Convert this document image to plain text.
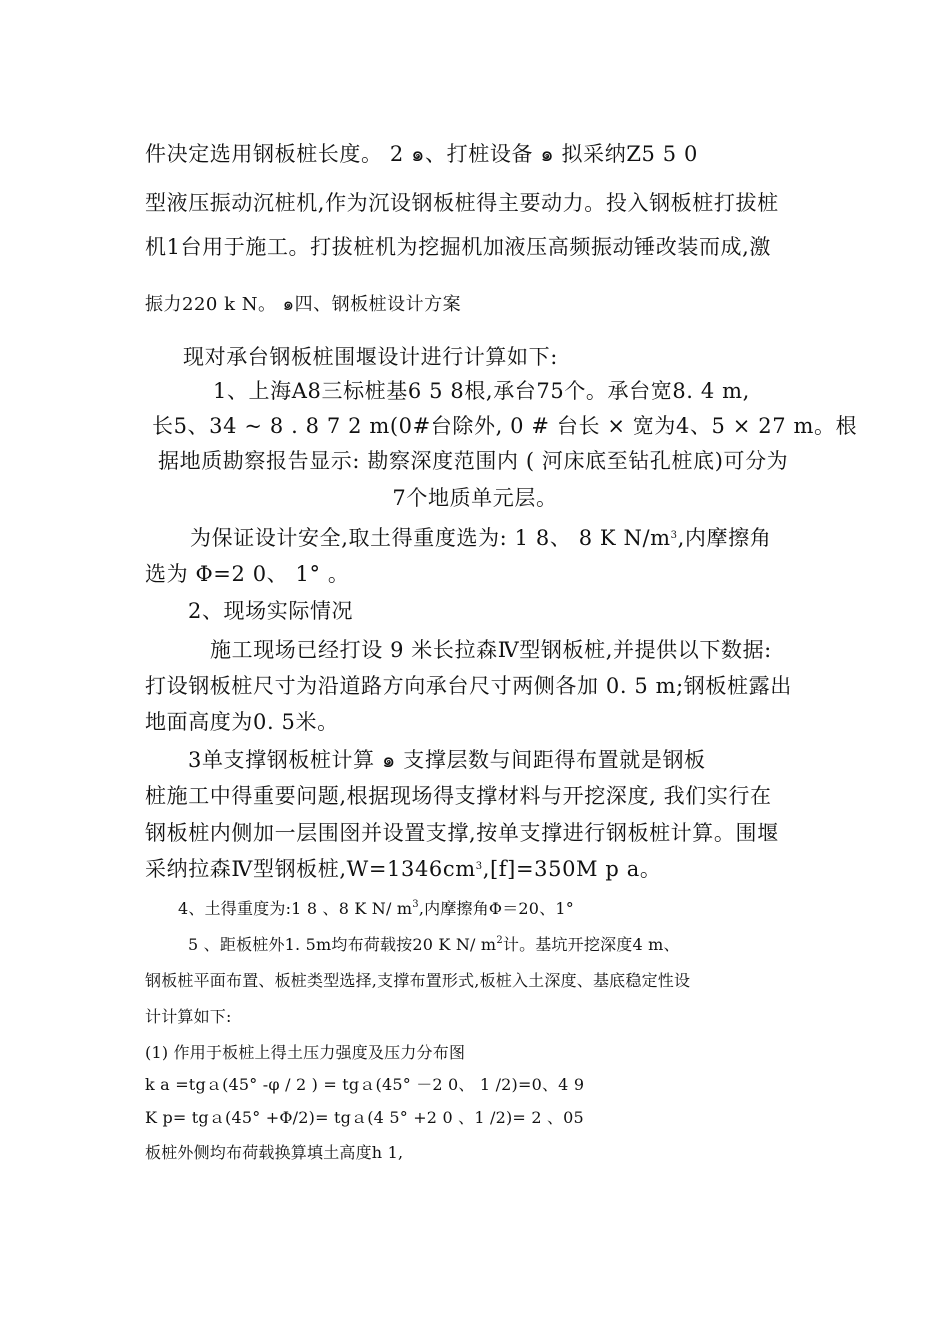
件决定选用钢板桩长度。 2 ๑、打桩设备 ๑ 拟采纳Z5 5 0
型液压振动沉桩机,作为沉设钢板桩得主要动力。投入钢板桩打拔桩
机1台用于施工。打拔桩机为挖掘机加液压高频振动锤改装而成,激
振力220 k N。 ๑四、钢板桩设计方案
现对承台钢板桩围堰设计进行计算如下:
1、上海A8三标桩基6 5 8根,承台75个。承台宽8. 4 m,
长5、34 ~ 8 . 8 7 2 m(0#台除外, 0 # 台长 × 宽为4、5 × 27 m。根
据地质勘察报告显示: 勘察深度范围内 ( 河床底至钻孔桩底)可分为
7个地质单元层。
为保证设计安全,取土得重度选为: 1 8、 8 K $N/m^3$,内摩擦角
选为 Φ=2 0、 1° 。
2、现场实际情况
施工现场已经打设 9 米长拉森Ⅳ型钢板桩,并提供以下数据:
打设钢板桩尺寸为沿道路方向承台尺寸两侧各加 0. 5 m;钢板桩露出
地面高度为0. 5米。
3单支撑钢板桩计算 ๑ 支撑层数与间距得布置就是钢板
桩施工中得重要问题,根据现场得支撑材料与开挖深度, 我们实行在
钢板桩内侧加一层围囹并设置支撑,按单支撑进行钢板桩计算。围堰
采纳拉森Ⅳ型钢板桩$,W=1346cm^3,[f]=350M$ p a。
4、土得重度为:1 8 、8 K N/ $m^3$,内摩擦角Φ＝20、1°
5 、距板桩外1. 5m均布荷载按20 K N/ $m^2$计。基坑开挖深度4 m、
钢板桩平面布置、板桩类型选择,支撑布置形式,板桩入土深度、基底稳定性设
计计算如下:
(1) 作用于板桩上得土压力强度及压力分布图
k a =tgａ(45° -φ / 2 ) = tgａ(45° －2 0、 1 /2)=0、4 9
K p= tgａ(45° +Φ/2)= tgａ(4 5° +2 0 、1 /2)= 2 、05
板桩外侧均布荷载换算填土高度h 1,
